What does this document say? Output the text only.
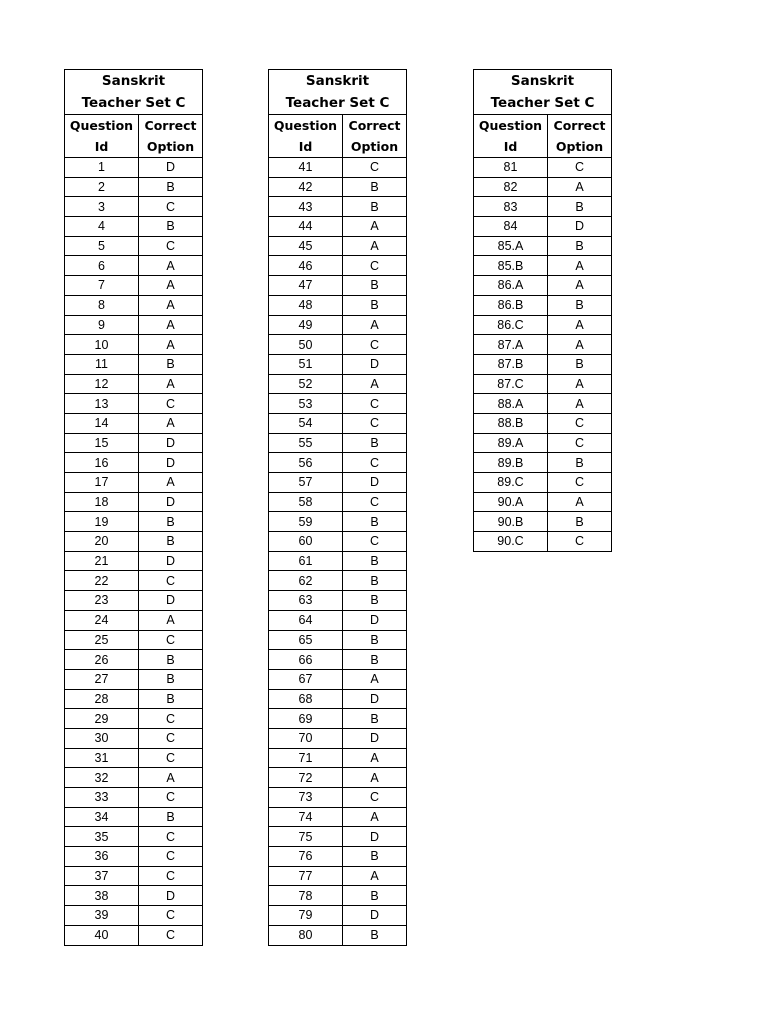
Sanskrit
Teacher Set C	

Question
Id	Correct
Option

1	D
2	B
3	C
4	B
5	C
6	A
7	A
8	A
9	A
10	A
11	B
12	A
13	C
14	A
15	D
16	D
17	A
18	D
19	B
20	B
21	D
22	C
23	D
24	A
25	C
26	B
27	B
28	B
29	C
30	C
31	C
32	A
33	C
34	B
35	C
36	C
37	C
38	D
39	C
40	C
Sanskrit
Teacher Set C	

Question
Id	Correct
Option

41	C
42	B
43	B
44	A
45	A
46	C
47	B
48	B
49	A
50	C
51	D
52	A
53	C
54	C
55	B
56	C
57	D
58	C
59	B
60	C
61	B
62	B
63	B
64	D
65	B
66	B
67	A
68	D
69	B
70	D
71	A
72	A
73	C
74	A
75	D
76	B
77	A
78	B
79	D
80	B
Sanskrit
Teacher Set C	

Question
Id	Correct
Option

81	C
82	A
83	B
84	D
85.A	B
85.B	A
86.A	A
86.B	B
86.C	A
87.A	A
87.B	B
87.C	A
88.A	A
88.B	C
89.A	C
89.B	B
89.C	C
90.A	A
90.B	B
90.C	C
